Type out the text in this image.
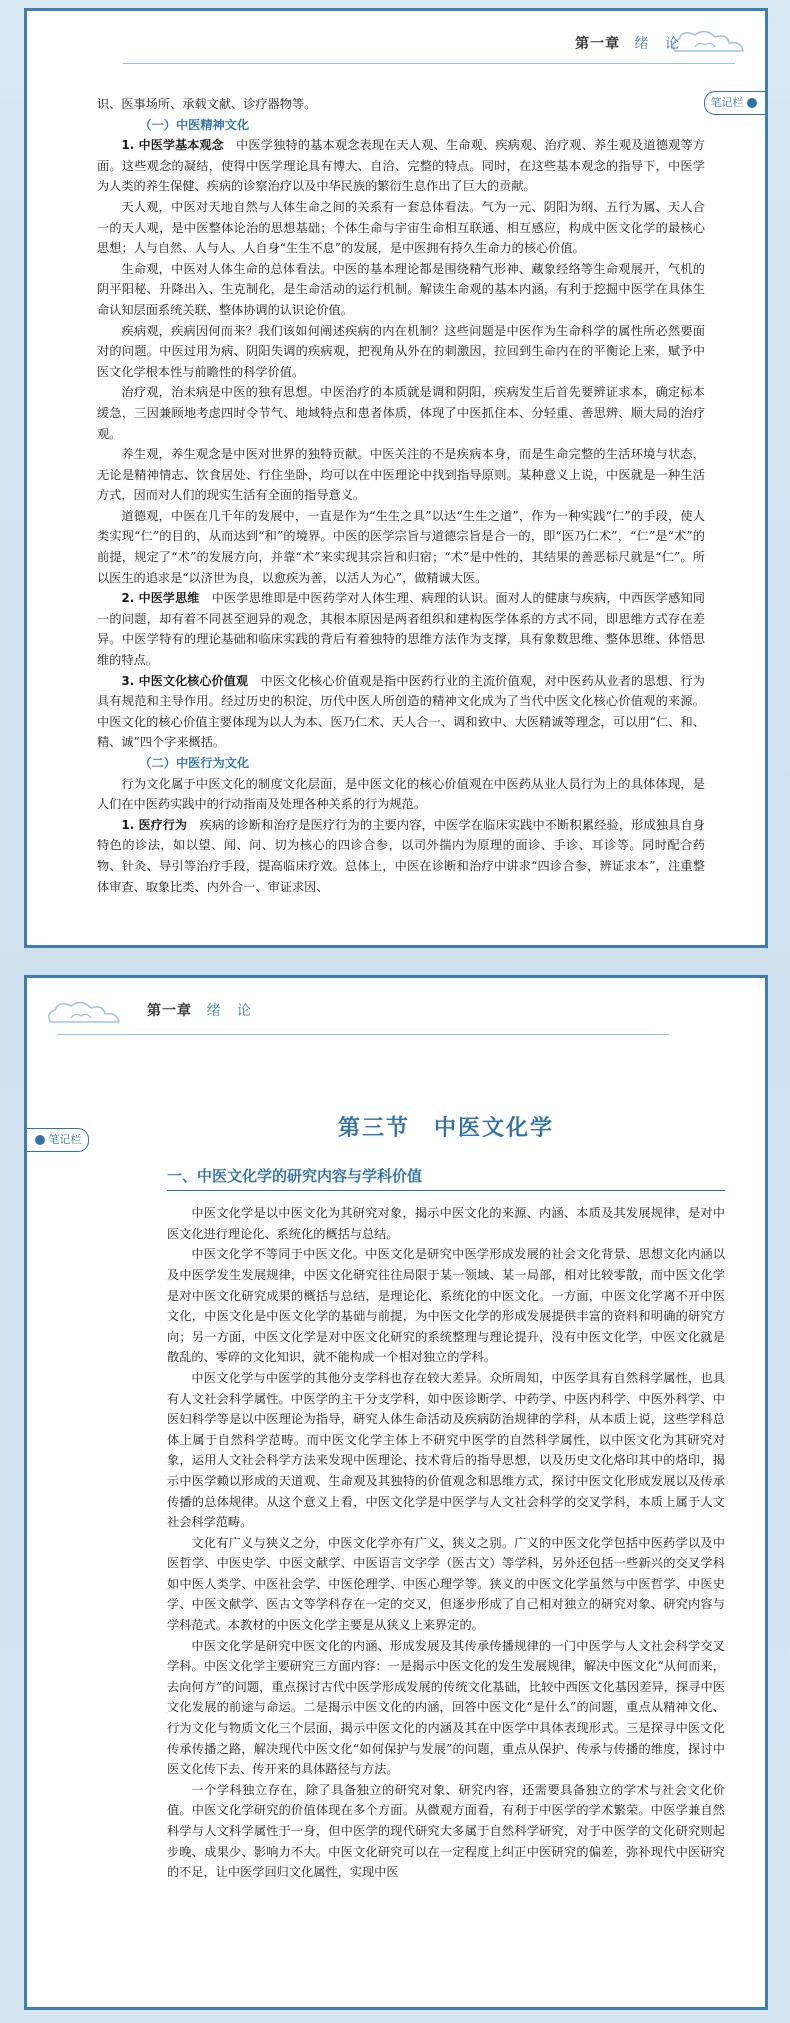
第一章 绪 论
笔记栏

识、医事场所、承载文献、诊疗器物等。

（一）中医精神文化

1. 中医学基本观念　中医学独特的基本观念表现在天人观、生命观、疾病观、治疗观、养生观及道德观等方面。这些观念的凝结，使得中医学理论具有博大、自洽、完整的特点。同时，在这些基本观念的指导下，中医学为人类的养生保健、疾病的诊察治疗以及中华民族的繁衍生息作出了巨大的贡献。

天人观，中医对天地自然与人体生命之间的关系有一套总体看法。气为一元、阴阳为纲、五行为属、天人合一的天人观，是中医整体论治的思想基础；个体生命与宇宙生命相互联通、相互感应，构成中医文化学的最核心思想；人与自然、人与人、人自身“生生不息”的发展，是中医拥有持久生命力的核心价值。

生命观，中医对人体生命的总体看法。中医的基本理论都是围绕精气形神、藏象经络等生命观展开，气机的阴平阳秘、升降出入、生克制化，是生命活动的运行机制。解读生命观的基本内涵，有利于挖掘中医学在具体生命认知层面系统关联、整体协调的认识论价值。

疾病观，疾病因何而来？我们该如何阐述疾病的内在机制？这些问题是中医作为生命科学的属性所必然要面对的问题。中医过用为病、阴阳失调的疾病观，把视角从外在的刺激因，拉回到生命内在的平衡论上来，赋予中医文化学根本性与前瞻性的科学价值。

治疗观，治未病是中医的独有思想。中医治疗的本质就是调和阴阳，疾病发生后首先要辨证求本，确定标本缓急，三因兼顾地考虑四时令节气、地域特点和患者体质，体现了中医抓住本、分轻重、善思辨、顺大局的治疗观。

养生观，养生观念是中医对世界的独特贡献。中医关注的不是疾病本身，而是生命完整的生活环境与状态，无论是精神情志、饮食居处、行住坐卧，均可以在中医理论中找到指导原则。某种意义上说，中医就是一种生活方式，因而对人们的现实生活有全面的指导意义。

道德观，中医在几千年的发展中，一直是作为“生生之具”以达“生生之道”，作为一种实践“仁”的手段，使人类实现“仁”的目的，从而达到“和”的境界。中医的医学宗旨与道德宗旨是合一的，即“医乃仁术”，“仁”是“术”的前提，规定了“术”的发展方向，并靠“术”来实现其宗旨和归宿；“术”是中性的，其结果的善恶标尺就是“仁”。所以医生的追求是“以济世为良，以愈疾为善，以活人为心”，做精诚大医。

2. 中医学思维　中医学思维即是中医药学对人体生理、病理的认识。面对人的健康与疾病，中西医学感知同一的问题，却有着不同甚至迥异的观念，其根本原因是两者组织和建构医学体系的方式不同，即思维方式存在差异。中医学特有的理论基础和临床实践的背后有着独特的思维方法作为支撑，具有象数思维、整体思维、体悟思维的特点。

3. 中医文化核心价值观　中医文化核心价值观是指中医药行业的主流价值观，对中医药从业者的思想、行为具有规范和主导作用。经过历史的积淀，历代中医人所创造的精神文化成为了当代中医文化核心价值观的来源。中医文化的核心价值主要体现为以人为本、医乃仁术、天人合一、调和致中、大医精诚等理念，可以用“仁、和、精、诚”四个字来概括。

（二）中医行为文化

行为文化属于中医文化的制度文化层面，是中医文化的核心价值观在中医药从业人员行为上的具体体现，是人们在中医药实践中的行动指南及处理各种关系的行为规范。

1. 医疗行为　疾病的诊断和治疗是医疗行为的主要内容，中医学在临床实践中不断积累经验，形成独具自身特色的诊法，如以望、闻、问、切为核心的四诊合参，以司外揣内为原理的面诊、手诊、耳诊等。同时配合药物、针灸、导引等治疗手段，提高临床疗效。总体上，中医在诊断和治疗中讲求“四诊合参，辨证求本”，注重整体审查、取象比类、内外合一、审证求因、

第一章 绪 论
笔记栏	第三节　中医文化学
一、中医文化学的研究内容与学科价值

中医文化学是以中医文化为其研究对象，揭示中医文化的来源、内涵、本质及其发展规律，是对中医文化进行理论化、系统化的概括与总结。

中医文化学不等同于中医文化。中医文化是研究中医学形成发展的社会文化背景、思想文化内涵以及中医学发生发展规律，中医文化研究往往局限于某一领域、某一局部，相对比较零散，而中医文化学是对中医文化研究成果的概括与总结，是理论化、系统化的中医文化。一方面，中医文化学离不开中医文化，中医文化是中医文化学的基础与前提，为中医文化学的形成发展提供丰富的资料和明确的研究方向；另一方面，中医文化学是对中医文化研究的系统整理与理论提升，没有中医文化学，中医文化就是散乱的、零碎的文化知识，就不能构成一个相对独立的学科。

中医文化学与中医学的其他分支学科也存在较大差异。众所周知，中医学具有自然科学属性，也具有人文社会科学属性。中医学的主干分支学科，如中医诊断学、中药学、中医内科学、中医外科学、中医妇科学等是以中医理论为指导，研究人体生命活动及疾病防治规律的学科，从本质上说，这些学科总体上属于自然科学范畴。而中医文化学主体上不研究中医学的自然科学属性，以中医文化为其研究对象，运用人文社会科学方法来发现中医理论、技术背后的指导思想，以及历史文化烙印其中的烙印，揭示中医学赖以形成的天道观、生命观及其独特的价值观念和思维方式，探讨中医文化形成发展以及传承传播的总体规律。从这个意义上看，中医文化学是中医学与人文社会科学的交叉学科，本质上属于人文社会科学范畴。

文化有广义与狭义之分，中医文化学亦有广义、狭义之别。广义的中医文化学包括中医药学以及中医哲学、中医史学、中医文献学、中医语言文字学（医古文）等学科，另外还包括一些新兴的交叉学科如中医人类学、中医社会学、中医伦理学、中医心理学等。狭义的中医文化学虽然与中医哲学、中医史学、中医文献学、医古文等学科存在一定的交叉，但逐步形成了自己相对独立的研究对象、研究内容与学科范式。本教材的中医文化学主要是从狭义上来界定的。

中医文化学是研究中医文化的内涵、形成发展及其传承传播规律的一门中医学与人文社会科学交叉学科。中医文化学主要研究三方面内容：一是揭示中医文化的发生发展规律，解决中医文化“从何而来，去向何方”的问题，重点探讨古代中医学形成发展的传统文化基础，比较中西医文化基因差异，探寻中医文化发展的前途与命运。二是揭示中医文化的内涵，回答中医文化“是什么”的问题，重点从精神文化、行为文化与物质文化三个层面，揭示中医文化的内涵及其在中医学中具体表现形式。三是探寻中医文化传承传播之路，解决现代中医文化“如何保护与发展”的问题，重点从保护、传承与传播的维度，探讨中医文化传下去、传开来的具体路径与方法。

一个学科独立存在，除了具备独立的研究对象、研究内容，还需要具备独立的学术与社会文化价值。中医文化学研究的价值体现在多个方面。从微观方面看，有利于中医学的学术繁荣。中医学兼自然科学与人文科学属性于一身，但中医学的现代研究大多属于自然科学研究，对于中医学的文化研究则起步晚、成果少、影响力不大。中医文化研究可以在一定程度上纠正中医研究的偏差，弥补现代中医研究的不足，让中医学回归文化属性，实现中医
